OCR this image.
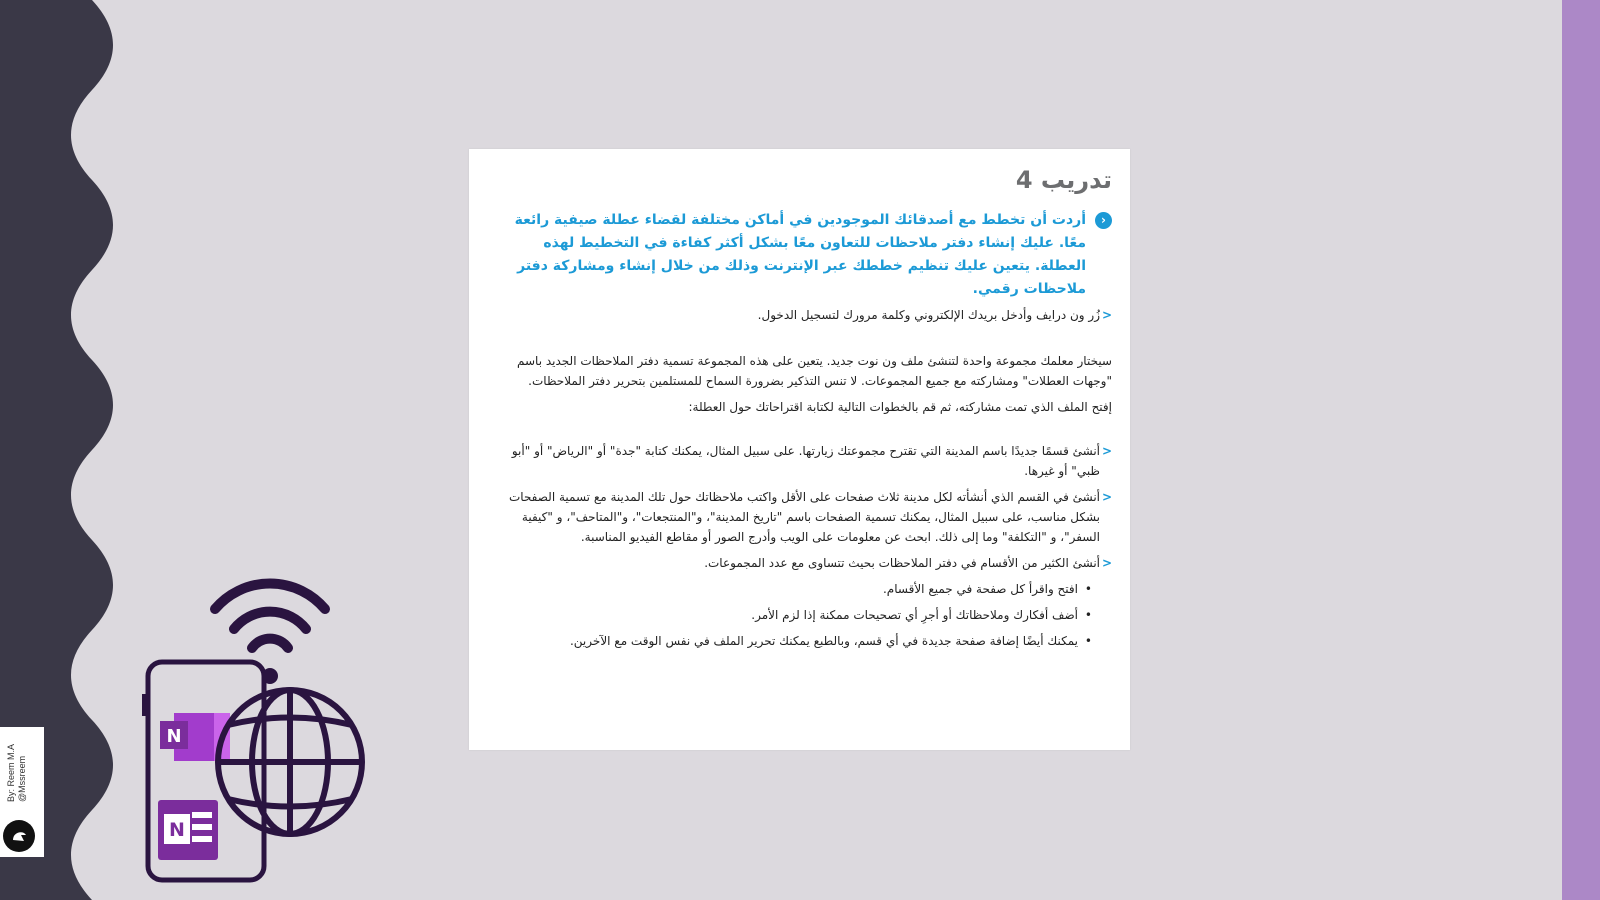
By: Reem M.A @Mssreem
N
N
تدريب 4
‹
أردت أن تخطط مع أصدقائك الموجودين في أماكن مختلفة لقضاء عطلة صيفية رائعة معًا. عليك إنشاء دفتر ملاحظات للتعاون معًا بشكل أكثر كفاءة في التخطيط لهذه العطلة. يتعين عليك تنظيم خططك عبر الإنترنت وذلك من خلال إنشاء ومشاركة دفتر ملاحظات رقمي.

<
زُر ون درايف وأدخل بريدك الإلكتروني وكلمة مرورك لتسجيل الدخول.

سيختار معلمك مجموعة واحدة لتنشئ ملف ون نوت جديد. يتعين على هذه المجموعة تسمية دفتر الملاحظات الجديد باسم "وجهات العطلات" ومشاركته مع جميع المجموعات. لا تنس التذكير بضرورة السماح للمستلمين بتحرير دفتر الملاحظات.

إفتح الملف الذي تمت مشاركته، ثم قم بالخطوات التالية لكتابة اقتراحاتك حول العطلة:

<
أنشئ قسمًا جديدًا باسم المدينة التي تقترح مجموعتك زيارتها. على سبيل المثال، يمكنك كتابة "جدة" أو "الرياض" أو "أبو ظبي" أو غيرها.

<
أنشئ في القسم الذي أنشأته لكل مدينة ثلاث صفحات على الأقل واكتب ملاحظاتك حول تلك المدينة مع تسمية الصفحات بشكل مناسب، على سبيل المثال، يمكنك تسمية الصفحات باسم "تاريخ المدينة"، و"المنتجعات"، و"المتاحف"، و "كيفية السفر"، و "التكلفة" وما إلى ذلك. ابحث عن معلومات على الويب وأدرج الصور أو مقاطع الفيديو المناسبة.

<
أنشئ الكثير من الأقسام في دفتر الملاحظات بحيث تتساوى مع عدد المجموعات.

•
افتح واقرأ كل صفحة في جميع الأقسام.

•
أضف أفكارك وملاحظاتك أو أجرِ أي تصحيحات ممكنة إذا لزم الأمر.

•
يمكنك أيضًا إضافة صفحة جديدة في أي قسم، وبالطبع يمكنك تحرير الملف في نفس الوقت مع الآخرين.
